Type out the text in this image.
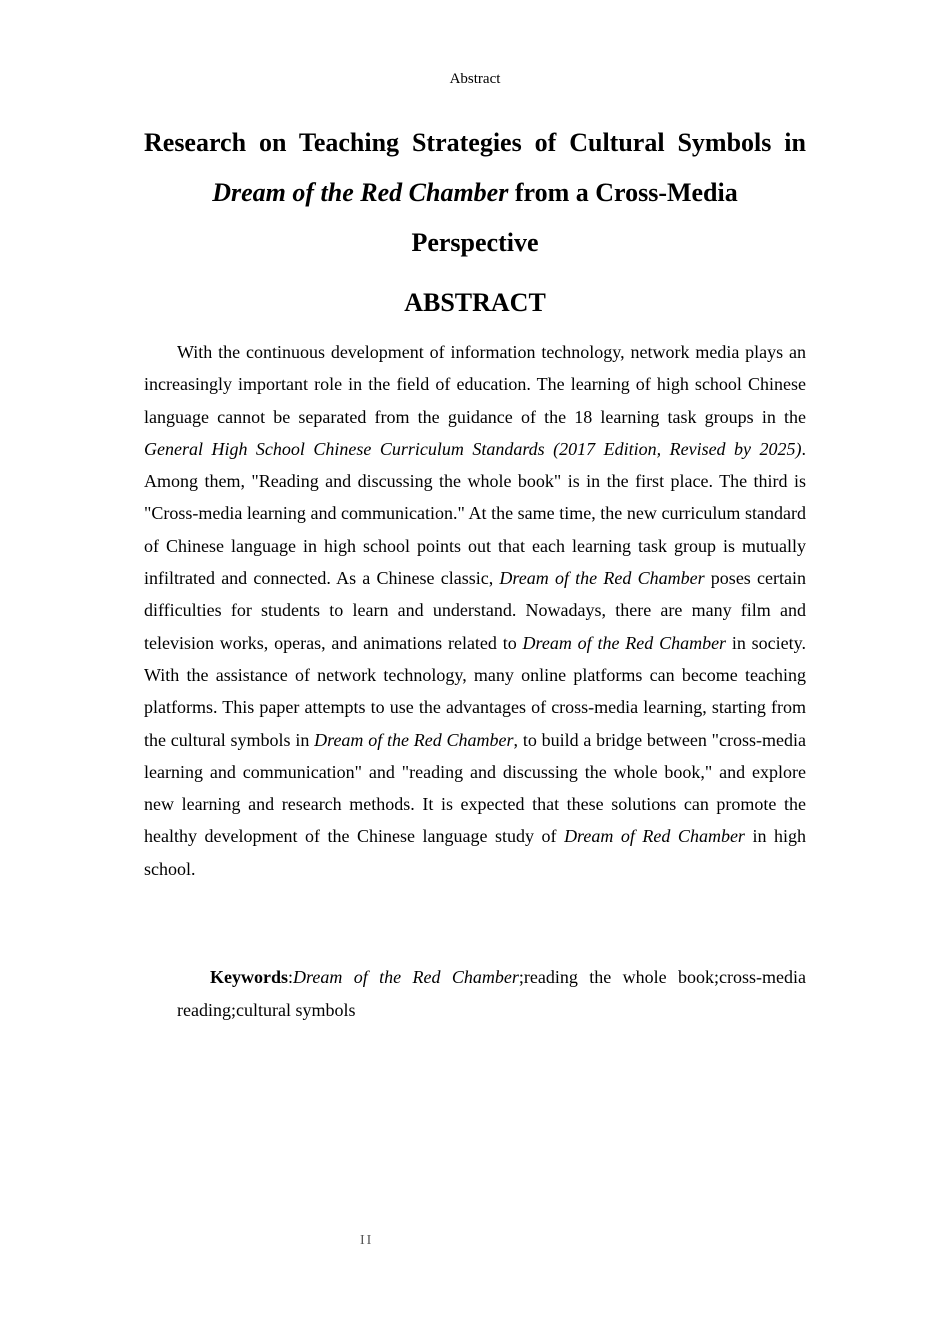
Abstract
Research on Teaching Strategies of Cultural Symbols in
Dream of the Red Chamber from a Cross-Media
Perspective
ABSTRACT

With the continuous development of information technology, network media plays an increasingly important role in the field of education. The learning of high school Chinese language cannot be separated from the guidance of the 18 learning task groups in the General High School Chinese Curriculum Standards (2017 Edition, Revised by 2025). Among them, "Reading and discussing the whole book" is in the first place. The third is "Cross-media learning and communication." At the same time, the new curriculum standard of Chinese language in high school points out that each learning task group is mutually infiltrated and connected. As a Chinese classic, Dream of the Red Chamber poses certain difficulties for students to learn and understand. Nowadays, there are many film and television works, operas, and animations related to Dream of the Red Chamber in society. With the assistance of network technology, many online platforms can become teaching platforms. This paper attempts to use the advantages of cross-media learning, starting from the cultural symbols in Dream of the Red Chamber, to build a bridge between "cross-media learning and communication" and "reading and discussing the whole book," and explore new learning and research methods. It is expected that these solutions can promote the healthy development of the Chinese language study of Dream of Red Chamber in high school.

Keywords:Dream of the Red Chamber;reading the whole book;cross-media reading;cultural symbols

II
